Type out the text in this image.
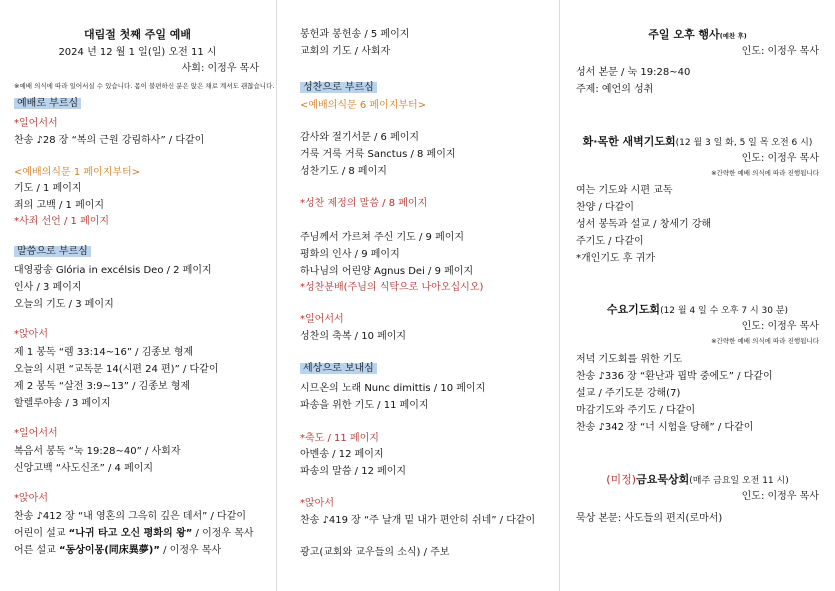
대림절 첫째 주일 예배
2024 년 12 월 1 일(일) 오전 11 시
사회: 이정우 목사
※예배 의식에 따라 일어서실 수 있습니다. 몸이 불편하신 분은 앉은 채로 계셔도 괜찮습니다.
예배로 부르심
*일어서서
찬송 ♪28 장 “복의 근원 강림하사” / 다같이
<예배의식문 1 페이지부터>
기도 / 1 페이지
죄의 고백 / 1 페이지
*사죄 선언 / 1 페이지
말씀으로 부르심
대영광송 Glória in excélsis Deo / 2 페이지
인사 / 3 페이지
오늘의 기도 / 3 페이지
*앉아서
제 1 봉독 “렘 33:14~16” / 김종보 형제
오늘의 시편 “교독문 14(시편 24 편)” / 다같이
제 2 봉독 “살전 3:9~13” / 김종보 형제
할렐루야송 / 3 페이지
*일어서서
복음서 봉독 “눅 19:28~40” / 사회자
신앙고백 “사도신조” / 4 페이지
*앉아서
찬송 ♪412 장 “내 영혼의 그윽히 깊은 데서” / 다같이
어린이 설교 “나귀 타고 오신 평화의 왕” / 이정우 목사
어른 설교 “동상이몽(同床異夢)” / 이정우 목사
봉헌과 봉헌송 / 5 페이지
교회의 기도 / 사회자
성찬으로 부르심
<예배의식문 6 페이지부터>
감사와 절기서문 / 6 페이지
거룩 거룩 거룩 Sanctus / 8 페이지
성찬기도 / 8 페이지
*성찬 제정의 말씀 / 8 페이지
주님께서 가르쳐 주신 기도 / 9 페이지
평화의 인사 / 9 페이지
하나님의 어린양 Agnus Dei / 9 페이지
*성찬분배(주님의 식탁으로 나아오십시오)
*일어서서
성찬의 축복 / 10 페이지
세상으로 보내심
시므온의 노래 Nunc dimittis / 10 페이지
파송을 위한 기도 / 11 페이지
*축도 / 11 페이지
아멘송 / 12 페이지
파송의 말씀 / 12 페이지
*앉아서
찬송 ♪419 장 “주 날개 밑 내가 편안히 쉬네” / 다같이
광고(교회와 교우들의 소식) / 주보
주일 오후 행사(예찬 후)
인도: 이정우 목사
성서 본문 / 눅 19:28~40
주제: 예언의 성취
화·목한 새벽기도회(12 월 3 일 화, 5 일 목 오전 6 시)
인도: 이정우 목사
※간략한 예배 의식에 따라 진행됩니다
여는 기도와 시편 교독
찬양 / 다같이
성서 봉독과 설교 / 창세기 강해
주기도 / 다같이
*개인기도 후 귀가
수요기도회(12 월 4 일 수 오후 7 시 30 분)
인도: 이정우 목사
※간략한 예배 의식에 따라 진행됩니다
저녁 기도회를 위한 기도
찬송 ♪336 장 “환난과 핍박 중에도” / 다같이
설교 / 주기도문 강해(7)
마감기도와 주기도 / 다같이
찬송 ♪342 장 “너 시험을 당해” / 다같이
(미정)금요묵상회(매주 금요일 오전 11 시)
인도: 이정우 목사
묵상 본문: 사도들의 편지(로마서)
